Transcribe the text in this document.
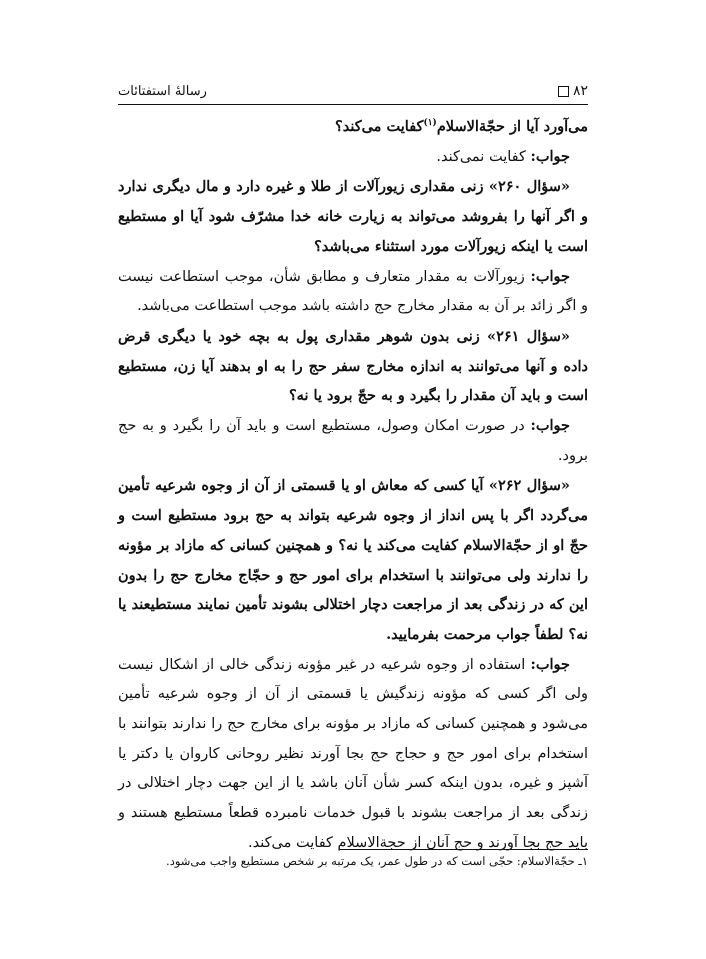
۸۲
رسالۀ استفتائات

می‌آورد آیا از حجّةالاسلام$^{(۱)}$کفایت می‌کند؟

جواب: کفایت نمی‌کند.

«سؤال ۲۶۰» زنی مقداری زیورآلات از طلا و غیره دارد و مال دیگری ندارد و اگر آنها را بفروشد می‌تواند به زیارت خانه خدا مشرّف شود آیا او مستطیع است یا اینکه زیورآلات مورد استثناء می‌باشد؟

جواب: زیورآلات به مقدار متعارف و مطابق شأن، موجب استطاعت نیست و اگر زائد بر آن به مقدار مخارج حج داشته باشد موجب استطاعت می‌باشد.

«سؤال ۲۶۱» زنی بدون شوهر مقداری پول به بچه خود یا دیگری قرض داده و آنها می‌توانند به اندازه مخارج سفر حج را به او بدهند آیا زن، مستطیع است و باید آن مقدار را بگیرد و به حجّ برود یا نه؟

جواب: در صورت امکان وصول، مستطیع است و باید آن را بگیرد و به حج برود.

«سؤال ۲۶۲» آیا کسی که معاش او یا قسمتی از آن از وجوه شرعیه تأمین می‌گردد اگر با پس انداز از وجوه شرعیه بتواند به حج برود مستطیع است و حجّ او از حجّةالاسلام کفایت می‌کند یا نه؟ و همچنین کسانی که مازاد بر مؤونه را ندارند ولی می‌توانند با استخدام برای امور حج و حجّاج مخارج حج را بدون این که در زندگی بعد از مراجعت دچار اختلالی بشوند تأمین نمایند مستطیعند یا نه؟ لطفاً جواب مرحمت بفرمایید.

جواب: استفاده از وجوه شرعیه در غیر مؤونه زندگی خالی از اشکال نیست ولی اگر کسی که مؤونه زندگیش یا قسمتی از آن از وجوه شرعیه تأمین می‌شود و همچنین کسانی که مازاد بر مؤونه برای مخارج حج را ندارند بتوانند با استخدام برای امور حج و حجاج حج بجا آورند نظیر روحانی کاروان یا دکتر یا آشپز و غیره، بدون اینکه کسر شأن آنان باشد یا از این جهت دچار اختلالی در زندگی بعد از مراجعت بشوند با قبول خدمات نامبرده قطعاً مستطیع هستند و باید حج بجا آورند و حج آنان از حجةالاسلام کفایت می‌کند.

۱ـ حجّةالاسلام: حجّی است که در طول عمر، یک مرتبه بر شخص مستطیع واجب می‌شود.
